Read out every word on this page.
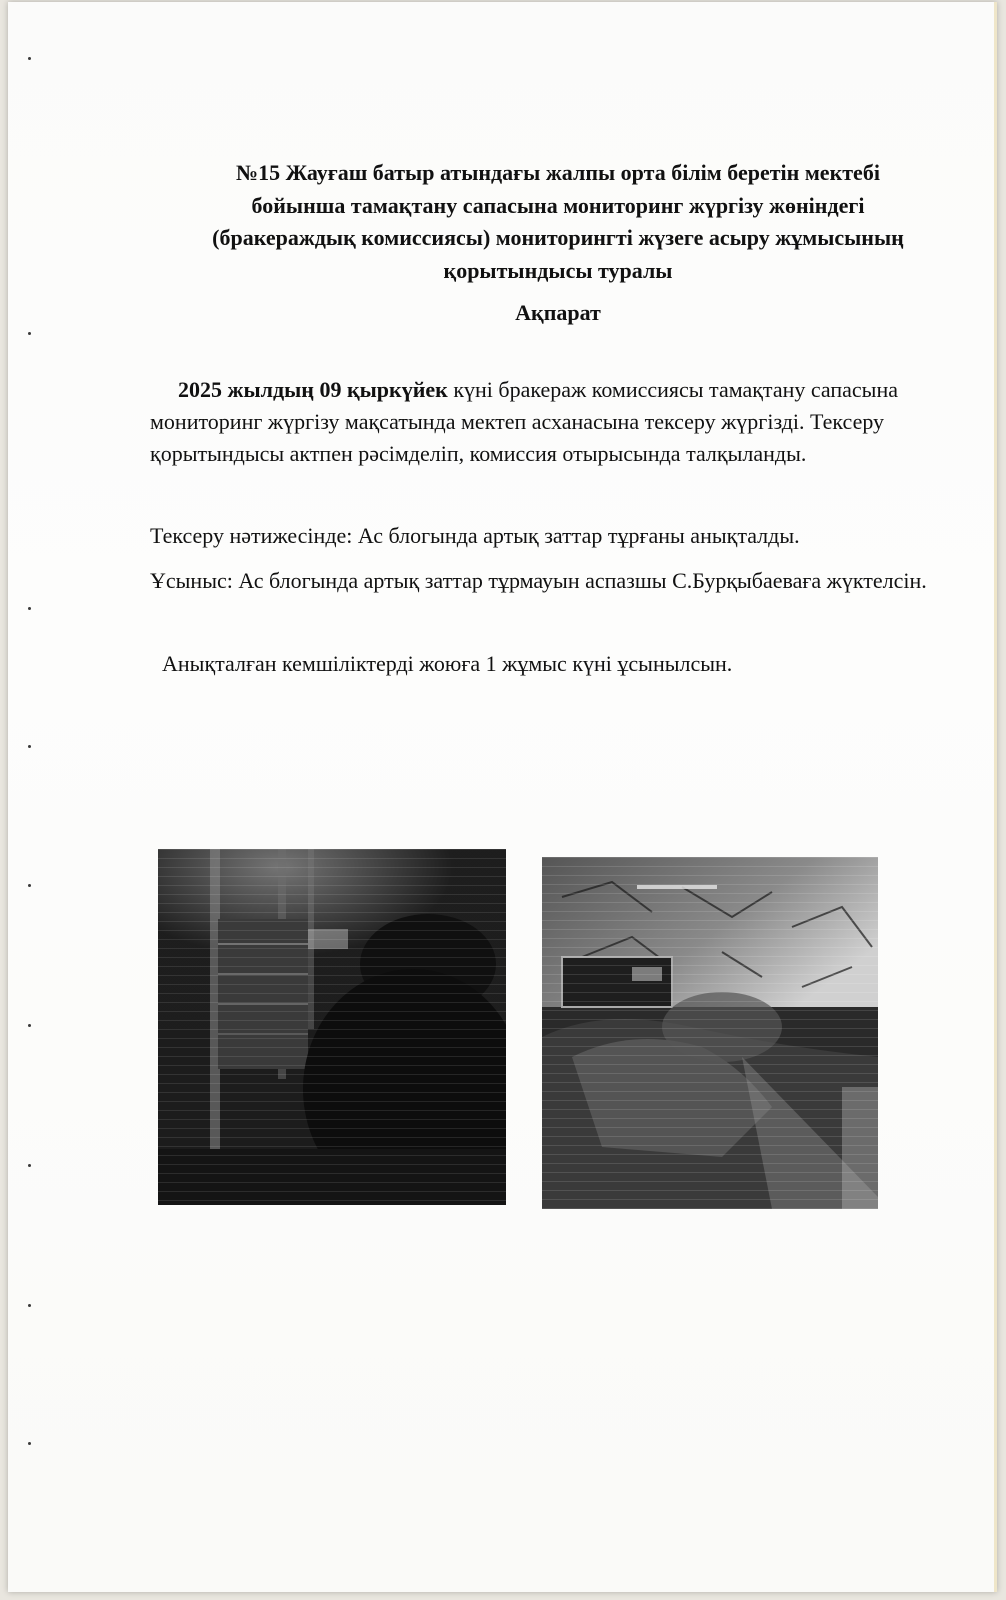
№15 Жауғаш батыр атындағы жалпы орта білім беретін мектебі
бойынша тамақтану сапасына мониторинг жүргізу жөніндегі
(бракераждық комиссиясы) мониторингті жүзеге асыру жұмысының
қорытындысы туралы
Ақпарат
2025 жылдың 09 қыркүйек күні бракераж комиссиясы тамақтану сапасына мониторинг жүргізу мақсатында мектеп асханасына тексеру жүргізді. Тексеру қорытындысы актпен рәсімделіп, комиссия отырысында талқыланды.
Тексеру нәтижесінде: Ас блогында артық заттар тұрғаны анықталды.
Ұсыныс: Ас блогында артық заттар тұрмауын аспазшы С.Бурқыбаеваға жүктелсін.
Анықталған кемшіліктерді жоюға 1 жұмыс күні ұсынылсын.
